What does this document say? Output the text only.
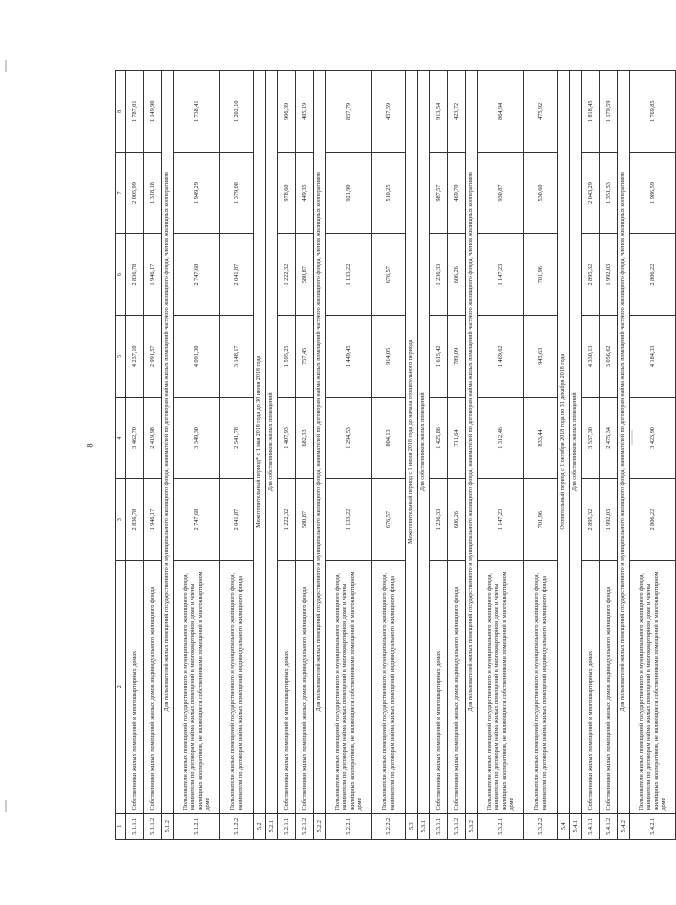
8
1	2	3	4	5	6	7	8
5.1.1.1	Собственники жилых помещений в многоквартирных домах	2 836,78	3 462,70	4 237,10	2 836,78	2 005,99	1 787,01
5.1.1.2	Собственники жилых помещений жилых домов индивидуального жилищного фонда	1 946,17	2 419,98	2 991,57	1 946,17	1 318,18	1 149,90
5.1.2	Для пользователей жилых помещений государственного и муниципального жилищного фонда, нанимателей по договорам найма жилых помещений частного жилищного фонда, членов жилищных кооперативов						
5.1.2.1	Пользователи жилых помещений государственного и муниципального жилищного фонда, наниматели по договорам найма жилых помещений в многоквартирном доме и члены жилищных кооперативов, не являющиеся собственниками помещений в многоквартирном доме	2 747,68	3 349,30	4 091,30	2 747,68	1 949,29	1 738,41
5.1.2.2	Пользователи жилых помещений государственного и муниципального жилищного фонда, наниматели по договорам найма жилых помещений индивидуального жилищного фонда	2 041,87	2 541,78	3 148,17	2 041,87	1 379,08	1 202,10
5.2	Межотопительный период* с 1 мая 2018 года до 30 июня 2018 года						
5.2.1	Для собственников жилых помещений						
5.2.1.1	Собственники жилых помещений в многоквартирных домах	1 222,32	1 407,93	1 595,25	1 222,32	978,60	906,39
5.2.1.2	Собственники жилых помещений жилых домов индивидуального жилищного фонда	580,87	682,33	757,45	580,87	449,35	405,19
5.2.2	Для пользователей жилых помещений государственного и муниципального жилищного фонда, нанимателей по договорам найма жилых помещений частного жилищного фонда, членов жилищных кооперативов						
5.2.2.1	Пользователи жилых помещений государственного и муниципального жилищного фонда, наниматели по договорам найма жилых помещений в многоквартирном доме и члены жилищных кооперативов, не являющиеся собственниками помещений в многоквартирном доме	1 133,22	1 294,53	1 449,45	1 133,22	921,90	857,79
5.2.2.2	Пользователи жилых помещений государственного и муниципального жилищного фонда, наниматели по договорам найма жилых помещений индивидуального жилищного фонда	676,57	804,13	914,05	676,57	510,25	457,59
5.3	Межотопительный период с 1 июля 2018 года до начала отопительного периода						
5.3.1	Для собственников жилых помещений						
5.3.1.1	Собственники жилых помещений в многоквартирных домах	1 236,33	1 425,86	1 615,42	1 236,33	987,57	913,54
5.3.1.2	Собственники жилых помещений жилых домов индивидуального жилищного фонда	606,26	711,64	789,09	606,26	469,70	423,72
5.3.2	Для пользователей жилых помещений государственного и муниципального жилищного фонда, нанимателей по договорам найма жилых помещений частного жилищного фонда, членов жилищных кооперативов						
5.3.2.1	Пользователи жилых помещений государственного и муниципального жилищного фонда, наниматели по договорам найма жилых помещений в многоквартирном доме и члены жилищных кооперативов, не являющиеся собственниками помещений в многоквартирном доме	1 147,23	1 312,46	1 469,62	1 147,23	930,87	864,94
5.3.2.2	Пользователи жилых помещений государственного и муниципального жилищного фонда, наниматели по договорам найма жилых помещений индивидуального жилищного фонда	701,96	833,44	945,63	701,96	530,60	475,92
5.4	Отопительный период с 1 октября 2018 года по 31 декабря 2018 года						
5.4.1	Для собственников жилых помещений						
5.4.1.1	Собственники жилых помещений в многоквартирных домах	2 895,32	3 537,30	4 330,13	2 895,32	2 043,29	1 818,45
5.4.1.2	Собственники жилых помещений жилых домов индивидуального жилищного фонда	1 992,03	2 475,34	3 056,62	1 992,03	1 351,53	1 179,59
5.4.2	Для пользователей жилых помещений государственного и муниципального жилищного фонда, нанимателей по договорам найма жилых помещений частного жилищного фонда, членов жилищных кооперативов						
5.4.2.1	Пользователи жилых помещений государственного и муниципального жилищного фонда, наниматели по договорам найма жилых помещений в многоквартирном доме и члены жилищных кооперативов, не являющиеся собственниками помещений в многоквартирном доме	2 806,22	3 423,90	4 184,33	2 806,22	1 986,59	1 769,85
